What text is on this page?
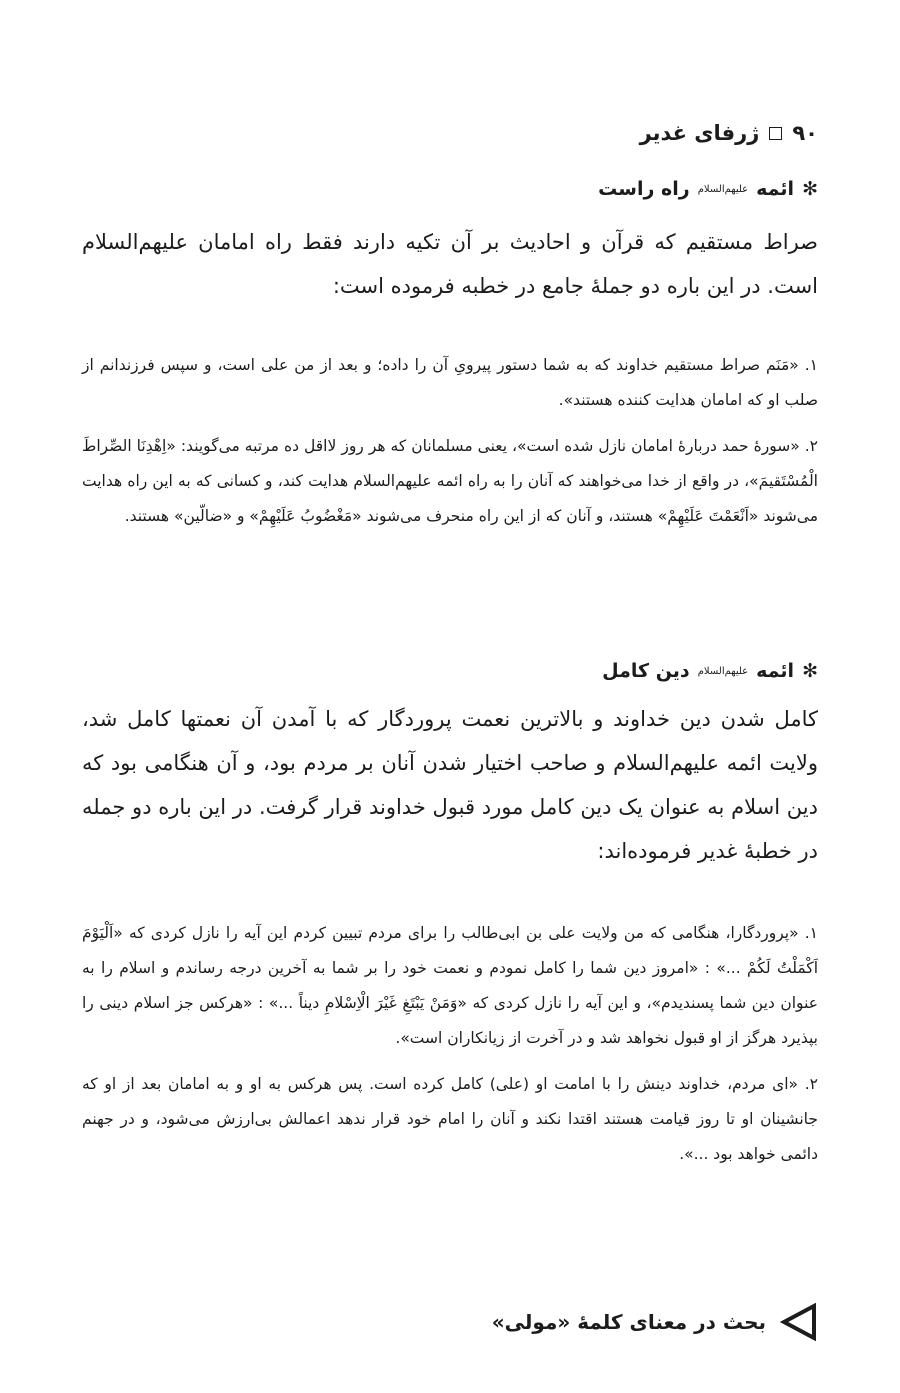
۹۰
ژرفای غدیر
✻
ائمه
علیهم‌السلام
راه راست

صراط مستقیم که قرآن و احادیث بر آن تکیه دارند فقط راه امامان علیهم‌السلام است. در این باره دو جملهٔ جامع در خطبه فرموده است:

۱. «مَنَم صراط مستقیم خداوند که به شما دستور پیرویِ آن را داده؛ و بعد از من علی است، و سپس فرزندانم از صلب او که امامان هدایت کننده هستند».
۲. «سورهٔ حمد دربارهٔ امامان نازل شده است»، یعنی مسلمانان که هر روز لااقل ده مرتبه می‌گویند: «اِهْدِنَا الصِّراطَ الْمُسْتَقیمَ»، در واقع از خدا می‌خواهند که آنان را به راه ائمه علیهم‌السلام هدایت کند، و کسانی که به این راه هدایت می‌شوند «اَنْعَمْتَ عَلَیْهِمْ» هستند، و آنان که از این راه منحرف می‌شوند «مَغْضُوبُ عَلَیْهِمْ» و «ضالّین» هستند.
✻
ائمه
علیهم‌السلام
دین کامل

کامل شدن دین خداوند و بالاترین نعمت پروردگار که با آمدن آن نعمتها کامل شد، ولایت ائمه علیهم‌السلام و صاحب اختیار شدن آنان بر مردم بود، و آن هنگامی بود که دین اسلام به عنوان یک دین کامل مورد قبول خداوند قرار گرفت. در این باره دو جمله در خطبهٔ غدیر فرموده‌اند:

۱. «پروردگارا، هنگامی که من ولایت علی بن ابی‌طالب را برای مردم تبیین کردم این آیه را نازل کردی که «اَلْیَوْمَ اَکْمَلْتُ لَکُمْ ...» : «امروز دین شما را کامل نمودم و نعمت خود را بر شما به آخرین درجه رساندم و اسلام را به عنوان دین شما پسندیدم»، و این آیه را نازل کردی که «وَمَنْ یَبْتَغِ غَیْرَ الْاِسْلامِ دیناً ...» : «هرکس جز اسلام دینی را بپذیرد هرگز از او قبول نخواهد شد و در آخرت از زیانکاران است».
۲. «ای مردم، خداوند دینش را با امامت او (علی) کامل کرده است. پس هرکس به او و به امامان بعد از او که جانشینان او تا روز قیامت هستند اقتدا نکند و آنان را امام خود قرار ندهد اعمالش بی‌ارزش می‌شود، و در جهنم دائمی خواهد بود ...».
بحث در معنای کلمهٔ «مولی»
